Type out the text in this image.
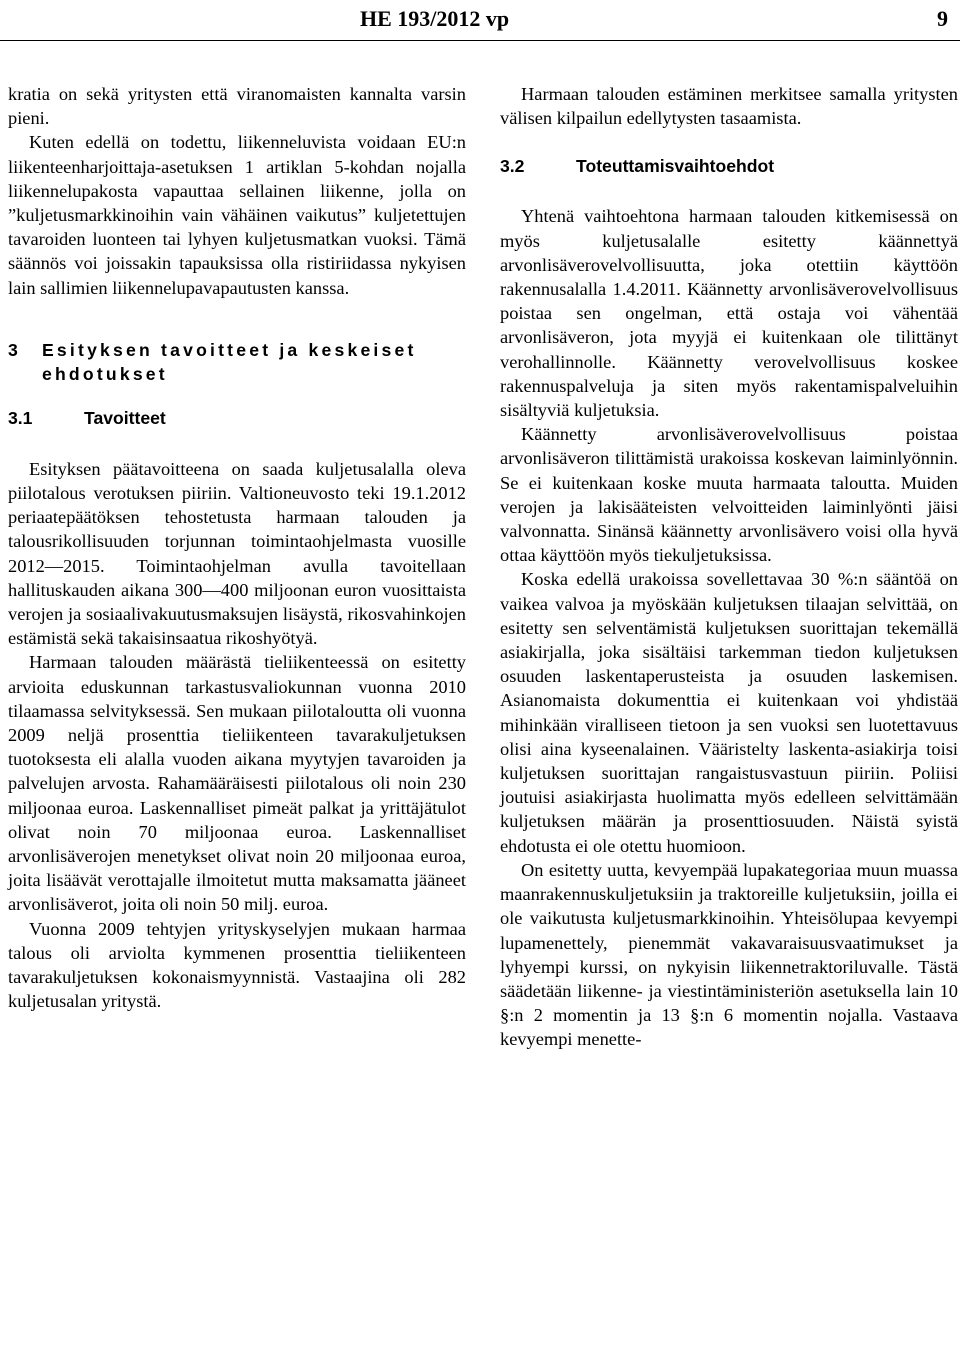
HE 193/2012 vp	9

kratia on sekä yritysten että viranomaisten kannalta varsin pieni.

Kuten edellä on todettu, liikenneluvista voidaan EU:n liikenteenharjoittaja-asetuksen 1 artiklan 5-kohdan nojalla liikennelupakosta vapauttaa sellainen liikenne, jolla on ”kuljetusmarkkinoihin vain vähäinen vaikutus” kuljetettujen tavaroiden luonteen tai lyhyen kuljetusmatkan vuoksi. Tämä säännös voi joissakin tapauksissa olla ristiriidassa nykyisen lain sallimien liikennelupavapautusten kanssa.

3	Esityksen tavoitteet ja keskeiset ehdotukset
3.1	Tavoitteet

Esityksen päätavoitteena on saada kuljetusalalla oleva piilotalous verotuksen piiriin. Valtioneuvosto teki 19.1.2012 periaatepäätöksen tehostetusta harmaan talouden ja talousrikollisuuden torjunnan toimintaohjelmasta vuosille 2012—2015. Toimintaohjelman avulla tavoitellaan hallituskauden aikana 300—400 miljoonan euron vuosittaista verojen ja sosiaalivakuutusmaksujen lisäystä, rikosvahinkojen estämistä sekä takaisinsaatua rikoshyötyä.

Harmaan talouden määrästä tieliikenteessä on esitetty arvioita eduskunnan tarkastusvaliokunnan vuonna 2010 tilaamassa selvityksessä. Sen mukaan piilotaloutta oli vuonna 2009 neljä prosenttia tieliikenteen tavarakuljetuksen tuotoksesta eli alalla vuoden aikana myytyjen tavaroiden ja palvelujen arvosta. Rahamääräisesti piilotalous oli noin 230 miljoonaa euroa. Laskennalliset pimeät palkat ja yrittäjätulot olivat noin 70 miljoonaa euroa. Laskennalliset arvonlisäverojen menetykset olivat noin 20 miljoonaa euroa, joita lisäävät verottajalle ilmoitetut mutta maksamatta jääneet arvonlisäverot, joita oli noin 50 milj. euroa.

Vuonna 2009 tehtyjen yrityskyselyjen mukaan harmaa talous oli arviolta kymmenen prosenttia tieliikenteen tavarakuljetuksen kokonaismyynnistä. Vastaajina oli 282 kuljetusalan yritystä.

Harmaan talouden estäminen merkitsee samalla yritysten välisen kilpailun edellytysten tasaamista.

3.2	Toteuttamisvaihtoehdot

Yhtenä vaihtoehtona harmaan talouden kitkemisessä on myös kuljetusalalle esitetty käännettyä arvonlisäverovelvollisuutta, joka otettiin käyttöön rakennusalalla 1.4.2011. Käännetty arvonlisäverovelvollisuus poistaa sen ongelman, että ostaja voi vähentää arvonlisäveron, jota myyjä ei kuitenkaan ole tilittänyt verohallinnolle. Käännetty verovelvollisuus koskee rakennuspalveluja ja siten myös rakentamispalveluihin sisältyviä kuljetuksia.

Käännetty arvonlisäverovelvollisuus poistaa arvonlisäveron tilittämistä urakoissa koskevan laiminlyönnin. Se ei kuitenkaan koske muuta harmaata taloutta. Muiden verojen ja lakisääteisten velvoitteiden laiminlyönti jäisi valvonnatta. Sinänsä käännetty arvonlisävero voisi olla hyvä ottaa käyttöön myös tiekuljetuksissa.

Koska edellä urakoissa sovellettavaa 30 %:n sääntöä on vaikea valvoa ja myöskään kuljetuksen tilaajan selvittää, on esitetty sen selventämistä kuljetuksen suorittajan tekemällä asiakirjalla, joka sisältäisi tarkemman tiedon kuljetuksen osuuden laskentaperusteista ja osuuden laskemisen. Asianomaista dokumenttia ei kuitenkaan voi yhdistää mihinkään viralliseen tietoon ja sen vuoksi sen luotettavuus olisi aina kyseenalainen. Vääristelty laskenta-asiakirja toisi kuljetuksen suorittajan rangaistusvastuun piiriin. Poliisi joutuisi asiakirjasta huolimatta myös edelleen selvittämään kuljetuksen määrän ja prosenttiosuuden. Näistä syistä ehdotusta ei ole otettu huomioon.

On esitetty uutta, kevyempää lupakategoriaa muun muassa maanrakennuskuljetuksiin ja traktoreille kuljetuksiin, joilla ei ole vaikutusta kuljetusmarkkinoihin. Yhteisölupaa kevyempi lupamenettely, pienemmät vakavaraisuusvaatimukset ja lyhyempi kurssi, on nykyisin liikennetraktoriluvalle. Tästä säädetään liikenne- ja viestintäministeriön asetuksella lain 10 §:n 2 momentin ja 13 §:n 6 momentin nojalla. Vastaava kevyempi menette-
